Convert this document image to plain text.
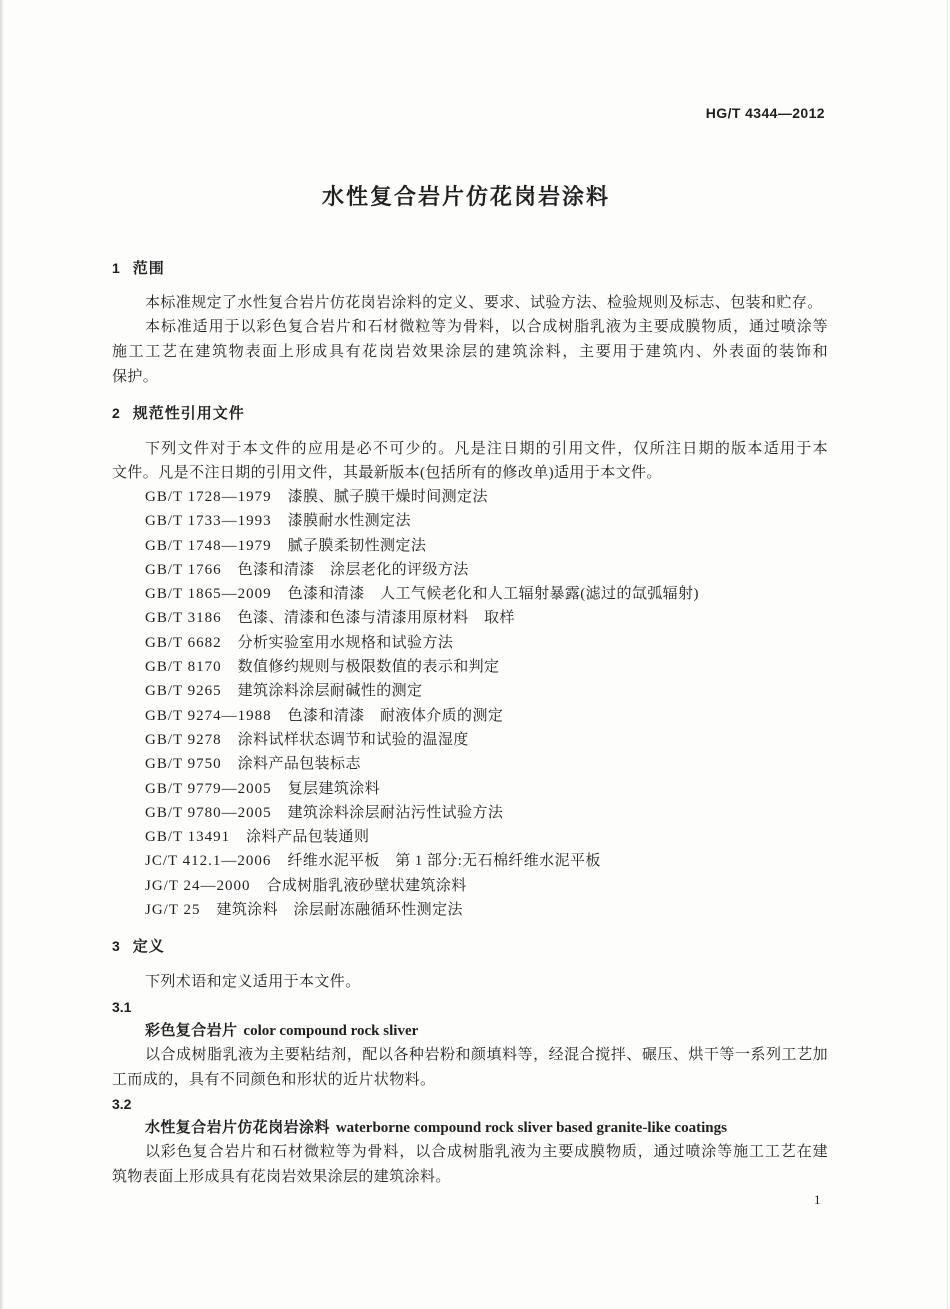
HG/T 4344—2012
水性复合岩片仿花岗岩涂料
1 范围
本标准规定了水性复合岩片仿花岗岩涂料的定义、要求、试验方法、检验规则及标志、包装和贮存。
本标准适用于以彩色复合岩片和石材微粒等为骨料，以合成树脂乳液为主要成膜物质，通过喷涂等
施工工艺在建筑物表面上形成具有花岗岩效果涂层的建筑涂料，主要用于建筑内、外表面的装饰和
保护。
2 规范性引用文件
下列文件对于本文件的应用是必不可少的。凡是注日期的引用文件，仅所注日期的版本适用于本
文件。凡是不注日期的引用文件，其最新版本(包括所有的修改单)适用于本文件。
GB/T 1728—1979 漆膜、腻子膜干燥时间测定法
GB/T 1733—1993 漆膜耐水性测定法
GB/T 1748—1979 腻子膜柔韧性测定法
GB/T 1766 色漆和清漆　涂层老化的评级方法
GB/T 1865—2009 色漆和清漆　人工气候老化和人工辐射暴露(滤过的氙弧辐射)
GB/T 3186 色漆、清漆和色漆与清漆用原材料　取样
GB/T 6682 分析实验室用水规格和试验方法
GB/T 8170 数值修约规则与极限数值的表示和判定
GB/T 9265 建筑涂料涂层耐碱性的测定
GB/T 9274—1988 色漆和清漆　耐液体介质的测定
GB/T 9278 涂料试样状态调节和试验的温湿度
GB/T 9750 涂料产品包装标志
GB/T 9779—2005 复层建筑涂料
GB/T 9780—2005 建筑涂料涂层耐沾污性试验方法
GB/T 13491 涂料产品包装通则
JC/T 412.1—2006 纤维水泥平板　第 1 部分:无石棉纤维水泥平板
JG/T 24—2000 合成树脂乳液砂壁状建筑涂料
JG/T 25 建筑涂料　涂层耐冻融循环性测定法
3 定义
下列术语和定义适用于本文件。
3.1
彩色复合岩片 color compound rock sliver
以合成树脂乳液为主要粘结剂，配以各种岩粉和颜填料等，经混合搅拌、碾压、烘干等一系列工艺加
工而成的，具有不同颜色和形状的近片状物料。
3.2
水性复合岩片仿花岗岩涂料 waterborne compound rock sliver based granite-like coatings
以彩色复合岩片和石材微粒等为骨料，以合成树脂乳液为主要成膜物质，通过喷涂等施工工艺在建
筑物表面上形成具有花岗岩效果涂层的建筑涂料。
1
